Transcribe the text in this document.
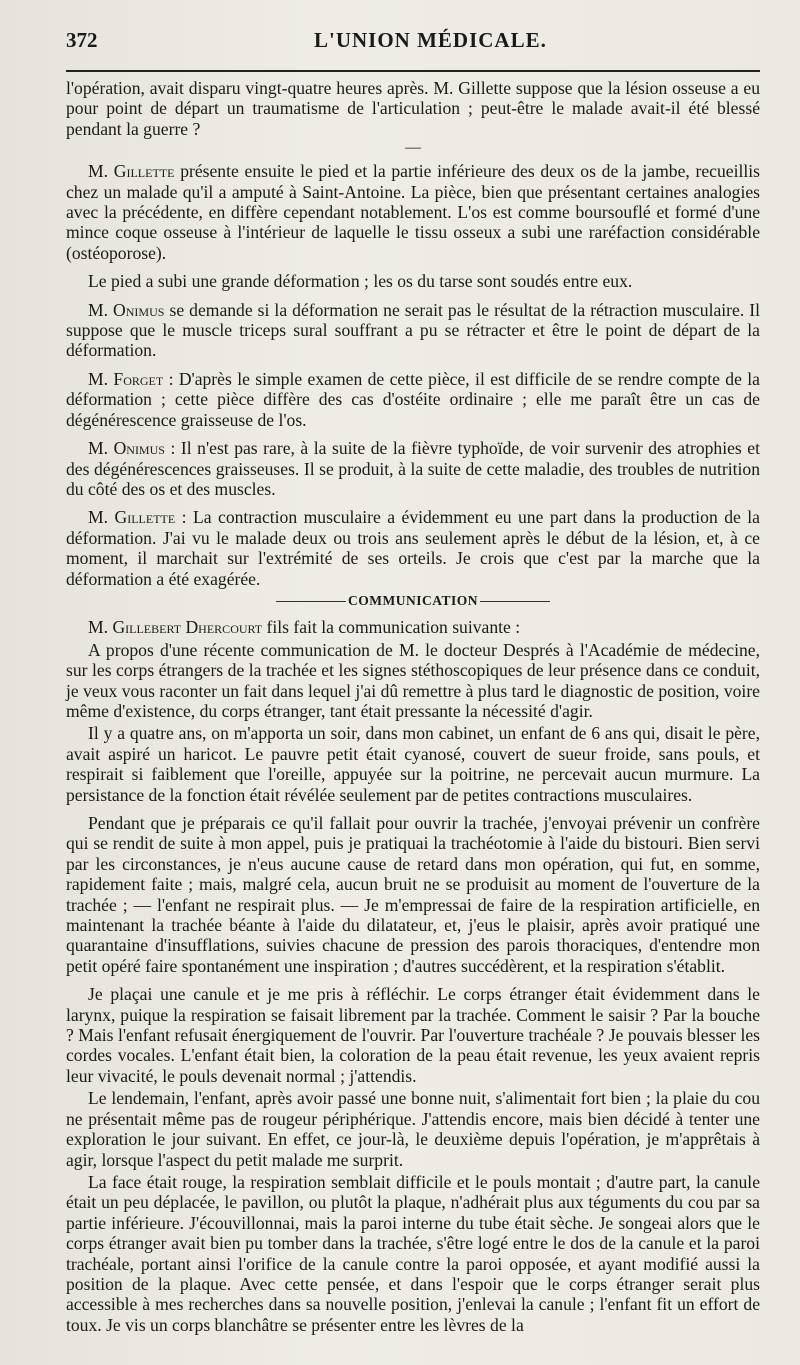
372	L'UNION MÉDICALE.

l'opération, avait disparu vingt-quatre heures après. M. Gillette suppose que la lésion osseuse a eu pour point de départ un traumatisme de l'articulation ; peut-être le malade avait-il été blessé pendant la guerre ?

—

M. Gillette présente ensuite le pied et la partie inférieure des deux os de la jambe, recueillis chez un malade qu'il a amputé à Saint-Antoine. La pièce, bien que présentant certaines analogies avec la précédente, en diffère cependant notablement. L'os est comme boursouflé et formé d'une mince coque osseuse à l'intérieur de laquelle le tissu osseux a subi une raréfaction considérable (ostéoporose).

Le pied a subi une grande déformation ; les os du tarse sont soudés entre eux.

M. Onimus se demande si la déformation ne serait pas le résultat de la rétraction musculaire. Il suppose que le muscle triceps sural souffrant a pu se rétracter et être le point de départ de la déformation.

M. Forget : D'après le simple examen de cette pièce, il est difficile de se rendre compte de la déformation ; cette pièce diffère des cas d'ostéite ordinaire ; elle me paraît être un cas de dégénérescence graisseuse de l'os.

M. Onimus : Il n'est pas rare, à la suite de la fièvre typhoïde, de voir survenir des atrophies et des dégénérescences graisseuses. Il se produit, à la suite de cette maladie, des troubles de nutrition du côté des os et des muscles.

M. Gillette : La contraction musculaire a évidemment eu une part dans la production de la déformation. J'ai vu le malade deux ou trois ans seulement après le début de la lésion, et, à ce moment, il marchait sur l'extrémité de ses orteils. Je crois que c'est par la marche que la déformation a été exagérée.

COMMUNICATION

M. Gillebert Dhercourt fils fait la communication suivante :

A propos d'une récente communication de M. le docteur Després à l'Académie de médecine, sur les corps étrangers de la trachée et les signes stéthoscopiques de leur présence dans ce conduit, je veux vous raconter un fait dans lequel j'ai dû remettre à plus tard le diagnostic de position, voire même d'existence, du corps étranger, tant était pressante la nécessité d'agir.

Il y a quatre ans, on m'apporta un soir, dans mon cabinet, un enfant de 6 ans qui, disait le père, avait aspiré un haricot. Le pauvre petit était cyanosé, couvert de sueur froide, sans pouls, et respirait si faiblement que l'oreille, appuyée sur la poitrine, ne percevait aucun murmure. La persistance de la fonction était révélée seulement par de petites contractions musculaires.

Pendant que je préparais ce qu'il fallait pour ouvrir la trachée, j'envoyai prévenir un confrère qui se rendit de suite à mon appel, puis je pratiquai la trachéotomie à l'aide du bistouri. Bien servi par les circonstances, je n'eus aucune cause de retard dans mon opération, qui fut, en somme, rapidement faite ; mais, malgré cela, aucun bruit ne se produisit au moment de l'ouverture de la trachée ; — l'enfant ne respirait plus. — Je m'empressai de faire de la respiration artificielle, en maintenant la trachée béante à l'aide du dilatateur, et, j'eus le plaisir, après avoir pratiqué une quarantaine d'insufflations, suivies chacune de pression des parois thoraciques, d'entendre mon petit opéré faire spontanément une inspiration ; d'autres succédèrent, et la respiration s'établit.

Je plaçai une canule et je me pris à réfléchir. Le corps étranger était évidemment dans le larynx, puique la respiration se faisait librement par la trachée. Comment le saisir ? Par la bouche ? Mais l'enfant refusait énergiquement de l'ouvrir. Par l'ouverture trachéale ? Je pouvais blesser les cordes vocales. L'enfant était bien, la coloration de la peau était revenue, les yeux avaient repris leur vivacité, le pouls devenait normal ; j'attendis.

Le lendemain, l'enfant, après avoir passé une bonne nuit, s'alimentait fort bien ; la plaie du cou ne présentait même pas de rougeur périphérique. J'attendis encore, mais bien décidé à tenter une exploration le jour suivant. En effet, ce jour-là, le deuxième depuis l'opération, je m'apprêtais à agir, lorsque l'aspect du petit malade me surprit.

La face était rouge, la respiration semblait difficile et le pouls montait ; d'autre part, la canule était un peu déplacée, le pavillon, ou plutôt la plaque, n'adhérait plus aux téguments du cou par sa partie inférieure. J'écouvillonnai, mais la paroi interne du tube était sèche. Je songeai alors que le corps étranger avait bien pu tomber dans la trachée, s'être logé entre le dos de la canule et la paroi trachéale, portant ainsi l'orifice de la canule contre la paroi opposée, et ayant modifié aussi la position de la plaque. Avec cette pensée, et dans l'espoir que le corps étranger serait plus accessible à mes recherches dans sa nouvelle position, j'enlevai la canule ; l'enfant fit un effort de toux. Je vis un corps blanchâtre se présenter entre les lèvres de la
